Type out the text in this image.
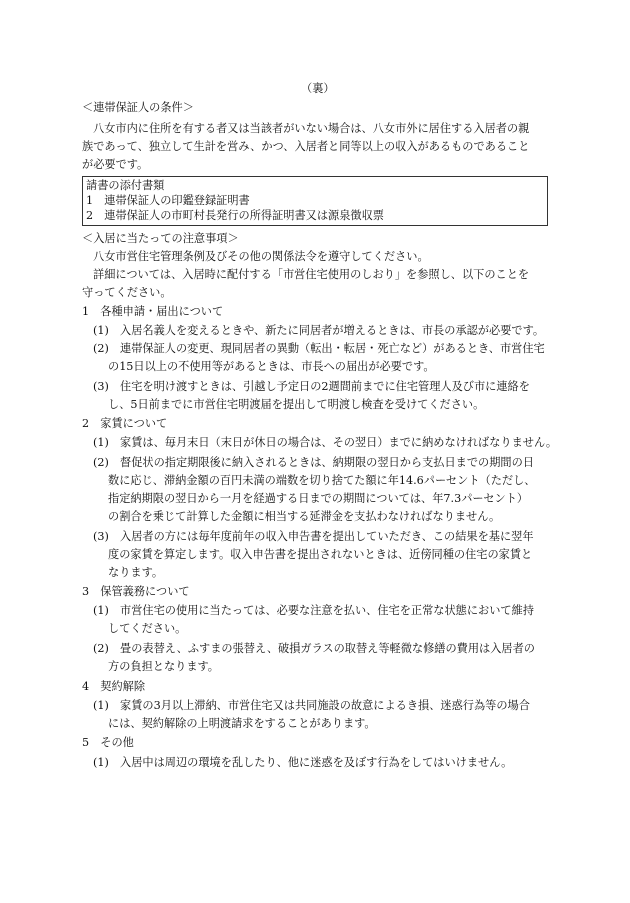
（裏）
＜連帯保証人の条件＞
八女市内に住所を有する者又は当該者がいない場合は、八女市外に居住する入居者の親
族であって、独立して生計を営み、かつ、入居者と同等以上の収入があるものであること
が必要です。
請書の添付書類
1　連帯保証人の印鑑登録証明書
2　連帯保証人の市町村長発行の所得証明書又は源泉徴収票
＜入居に当たっての注意事項＞
八女市営住宅管理条例及びその他の関係法令を遵守してください。
詳細については、入居時に配付する「市営住宅使用のしおり」を参照し、以下のことを
守ってください。
1　各種申請・届出について
(1)　入居名義人を変えるときや、新たに同居者が増えるときは、市長の承認が必要です。
(2)　連帯保証人の変更、現同居者の異動（転出・転居・死亡など）があるとき、市営住宅
の15日以上の不使用等があるときは、市長への届出が必要です。
(3)　住宅を明け渡すときは、引越し予定日の2週間前までに住宅管理人及び市に連絡を
し、5日前までに市営住宅明渡届を提出して明渡し検査を受けてください。
2　家賃について
(1)　家賃は、毎月末日（末日が休日の場合は、その翌日）までに納めなければなりません。
(2)　督促状の指定期限後に納入されるときは、納期限の翌日から支払日までの期間の日
数に応じ、滞納金額の百円未満の端数を切り捨てた額に年14.6パーセント（ただし、
指定納期限の翌日から一月を経過する日までの期間については、年7.3パーセント）
の割合を乗じて計算した金額に相当する延滞金を支払わなければなりません。
(3)　入居者の方には毎年度前年の収入申告書を提出していただき、この結果を基に翌年
度の家賃を算定します。収入申告書を提出されないときは、近傍同種の住宅の家賃と
なります。
3　保管義務について
(1)　市営住宅の使用に当たっては、必要な注意を払い、住宅を正常な状態において維持
してください。
(2)　畳の表替え、ふすまの張替え、破損ガラスの取替え等軽微な修繕の費用は入居者の
方の負担となります。
4　契約解除
(1)　家賃の3月以上滞納、市営住宅又は共同施設の故意によるき損、迷惑行為等の場合
には、契約解除の上明渡請求をすることがあります。
5　その他
(1)　入居中は周辺の環境を乱したり、他に迷惑を及ぼす行為をしてはいけません。
